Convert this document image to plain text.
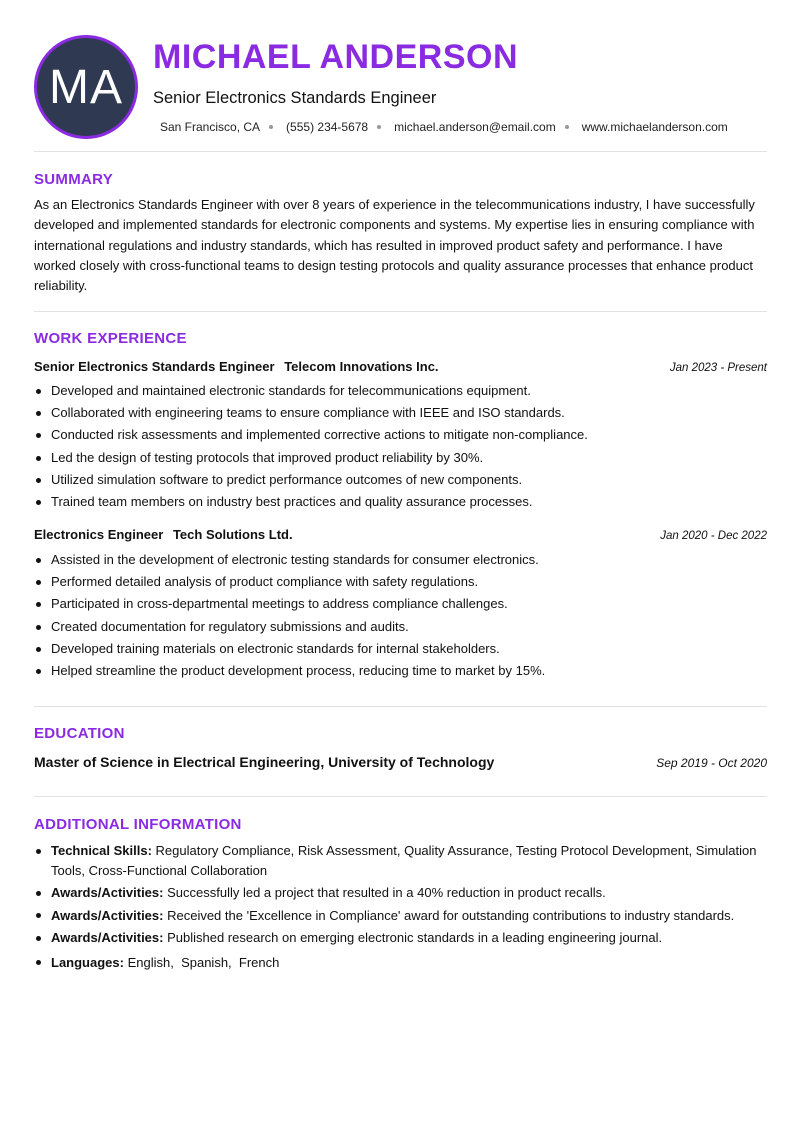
MA
MICHAEL ANDERSON
Senior Electronics Standards Engineer
San Francisco, CA (555) 234-5678 michael.anderson@email.com www.michaelanderson.com
SUMMARY

As an Electronics Standards Engineer with over 8 years of experience in the telecommunications industry, I have successfully developed and implemented standards for electronic components and systems. My expertise lies in ensuring compliance with international regulations and industry standards, which has resulted in improved product safety and performance. I have worked closely with cross-functional teams to design testing protocols and quality assurance processes that enhance product reliability.

WORK EXPERIENCE
Senior Electronics Standards Engineer Telecom Innovations Inc.	Jan 2023 - Present
Developed and maintained electronic standards for telecommunications equipment.
Collaborated with engineering teams to ensure compliance with IEEE and ISO standards.
Conducted risk assessments and implemented corrective actions to mitigate non-compliance.
Led the design of testing protocols that improved product reliability by 30%.
Utilized simulation software to predict performance outcomes of new components.
Trained team members on industry best practices and quality assurance processes.
Electronics Engineer Tech Solutions Ltd.	Jan 2020 - Dec 2022
Assisted in the development of electronic testing standards for consumer electronics.
Performed detailed analysis of product compliance with safety regulations.
Participated in cross-departmental meetings to address compliance challenges.
Created documentation for regulatory submissions and audits.
Developed training materials on electronic standards for internal stakeholders.
Helped streamline the product development process, reducing time to market by 15%.
EDUCATION
Master of Science in Electrical Engineering, University of Technology	Sep 2019 - Oct 2020
ADDITIONAL INFORMATION
Technical Skills: Regulatory Compliance, Risk Assessment, Quality Assurance, Testing Protocol Development, Simulation Tools, Cross-Functional Collaboration
Awards/Activities: Successfully led a project that resulted in a 40% reduction in product recalls.
Awards/Activities: Received the 'Excellence in Compliance' award for outstanding contributions to industry standards.
Awards/Activities: Published research on emerging electronic standards in a leading engineering journal.
Languages: English,  Spanish,  French
